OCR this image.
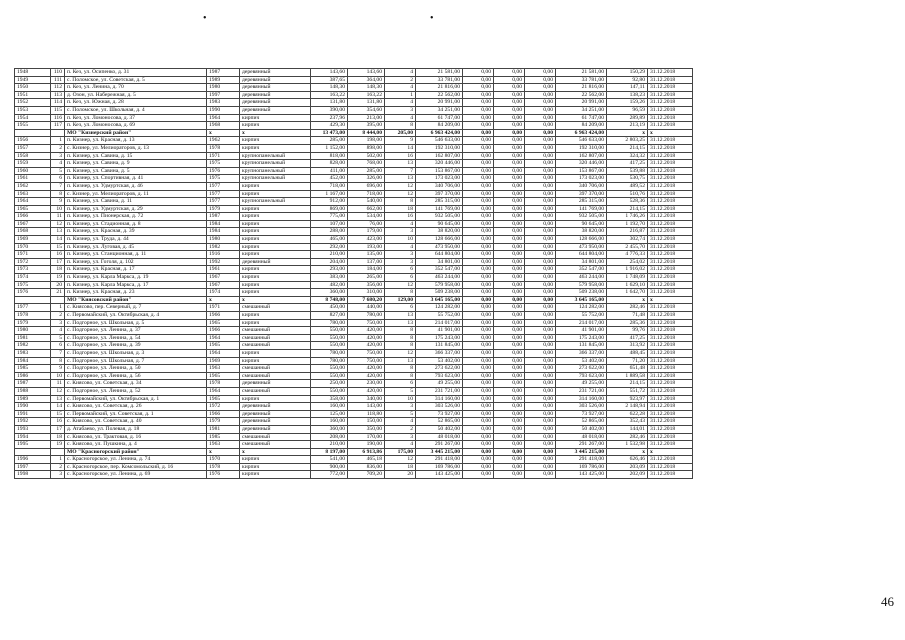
•	•
1948	110	п. Кез, ул. Осипенко, д. 31	1987	деревянный	143,60	143,60	4	21 581,00	0,00	0,00	0,00	21 581,00	150,29	31.12.2018
1949	111	с. Поломское, ул. Советская, д. 5	1989	деревянный	387,65	364,00	2	33 781,00	0,00	0,00	0,00	33 781,00	92,80	31.12.2018
1950	112	п. Кез, ул. Ленина, д. 70	1980	деревянный	148,30	148,30	4	21 816,00	0,00	0,00	0,00	21 816,00	147,11	31.12.2018
1951	113	д. Озон, ул. Набережная, д. 5	1997	деревянный	163,22	163,22	1	22 562,00	0,00	0,00	0,00	22 562,00	138,23	31.12.2018
1952	114	п. Кез, ул. Южная, д. 28	1983	деревянный	131,80	131,80	4	20 991,00	0,00	0,00	0,00	20 991,00	159,26	31.12.2018
1953	115	с. Поломское, ул. Школьная, д. 4	1990	деревянный	390,00	354,60	3	34 251,00	0,00	0,00	0,00	34 251,00	96,59	31.12.2018
1954	116	п. Кез, ул. Ломоносова, д. 37	1964	кирпич	237,96	213,00	4	61 747,00	0,00	0,00	0,00	61 747,00	289,89	31.12.2018
1955	117	п. Кез, ул. Ломоносова, д. 69	1968	кирпич	429,30	395,00	8	84 209,00	0,00	0,00	0,00	84 209,00	213,19	31.12.2018
		МО "Кизнерский район"	х	х	13 473,00	8 444,00	205,00	6 963 424,00	0,00	0,00	0,00	6 963 424,00	х	х
1956	1	п. Кизнер, ул. Красная, д. 13	1962	кирпич	285,00	198,00	9	546 633,00	0,00	0,00	0,00	546 633,00	2 803,25	31.12.2018
1957	2	с. Кизнер, ул. Мелиораторов, д. 13	1978	кирпич	1 152,00	898,00	14	192 310,00	0,00	0,00	0,00	192 310,00	214,15	31.12.2018
1958	3	п. Кизнер, ул. Савина, д. 15	1971	крупнопанельный	818,00	502,00	16	162 807,00	0,00	0,00	0,00	162 807,00	324,32	31.12.2018
1959	4	п. Кизнер, ул. Савина, д. 9	1975	крупнопанельный	828,00	768,00	13	320 446,00	0,00	0,00	0,00	320 446,00	417,25	31.12.2018
1960	5	п. Кизнер, ул. Савина, д. 5	1976	крупнопанельный	411,00	285,00	7	153 867,00	0,00	0,00	0,00	153 867,00	539,88	31.12.2018
1961	6	п. Кизнер, ул. Спортивная, д. 41	1975	крупнопанельный	452,00	326,00	13	173 023,00	0,00	0,00	0,00	173 023,00	530,75	31.12.2018
1962	7	п. Кизнер, ул. Удмуртская, д. 46	1977	кирпич	718,00	696,00	12	340 706,00	0,00	0,00	0,00	340 706,00	489,52	31.12.2018
1963	8	с. Кизнер, ул. Мелиораторов, д. 11	1977	кирпич	1 167,00	718,00	12	397 370,00	0,00	0,00	0,00	397 370,00	510,76	31.12.2018
1964	9	п. Кизнер, ул. Савина, д. 11	1977	крупнопанельный	912,00	540,00	8	285 315,00	0,00	0,00	0,00	285 315,00	528,36	31.12.2018
1965	10	п. Кизнер, ул. Удмуртская, д. 29	1979	кирпич	869,00	662,00	18	141 769,00	0,00	0,00	0,00	141 769,00	214,15	31.12.2018
1966	11	п. Кизнер, ул. Пионерская, д. 72	1987	кирпич	775,00	534,00	16	932 505,00	0,00	0,00	0,00	932 505,00	1 746,26	31.12.2018
1967	12	п. Кизнер, ул. Стадионная, д. 8	1984	кирпич	107,00	76,00	4	90 645,00	0,00	0,00	0,00	90 645,00	1 192,70	31.12.2018
1968	13	п. Кизнер, ул. Красная, д. 39	1984	кирпич	288,00	179,00	3	38 820,00	0,00	0,00	0,00	38 820,00	216,87	31.12.2018
1969	14	п. Кизнер, ул. Труда, д. 44	1980	кирпич	465,00	423,00	10	128 666,00	0,00	0,00	0,00	128 666,00	302,74	31.12.2018
1970	15	п. Кизнер, ул. Луговая, д. 45	1982	кирпич	292,00	193,00	4	473 950,00	0,00	0,00	0,00	473 950,00	2 455,70	31.12.2018
1971	16	п. Кизнер, ул. Станционная, д. 11	1916	кирпич	210,00	135,00	3	644 804,00	0,00	0,00	0,00	644 804,00	4 776,33	31.12.2018
1972	17	п. Кизнер, ул. Гоголя, д. 102	1992	деревянный	204,00	137,00	3	34 801,00	0,00	0,00	0,00	34 801,00	254,02	31.12.2018
1973	18	п. Кизнер, ул. Красная, д. 17	1961	кирпич	293,00	184,00	6	352 547,00	0,00	0,00	0,00	352 547,00	1 916,02	31.12.2018
1974	19	п. Кизнер, ул. Карла Маркса, д. 19	1967	кирпич	383,00	265,00	6	463 244,00	0,00	0,00	0,00	463 244,00	1 748,09	31.12.2018
1975	20	п. Кизнер, ул. Карла Маркса, д. 17	1967	кирпич	482,00	356,00	12	579 958,00	0,00	0,00	0,00	579 958,00	1 629,10	31.12.2018
1976	21	п. Кизнер, ул. Красная, д. 23	1974	кирпич	360,00	310,00	8	509 238,00	0,00	0,00	0,00	509 238,00	1 642,70	31.12.2018
		МО "Киясовский район"	х	х	8 748,00	7 680,20	129,00	3 645 165,00	0,00	0,00	0,00	3 645 165,00	х	х
1977	1	с. Киясово, пер. Северный, д. 7	1971	смешанный	450,00	440,00	6	124 282,00	0,00	0,00	0,00	124 282,00	282,46	31.12.2018
1978	2	с. Первомайский, ул. Октябрьская, д. 4	1966	кирпич	827,00	780,00	13	55 752,00	0,00	0,00	0,00	55 752,00	71,48	31.12.2018
1979	3	с. Подгорное, ул. Школьная, д. 5	1965	кирпич	780,00	750,00	13	214 017,00	0,00	0,00	0,00	214 017,00	285,36	31.12.2018
1980	4	с. Подгорное, ул. Ленина, д. 37	1966	смешанный	550,00	420,00	8	41 901,00	0,00	0,00	0,00	41 901,00	99,76	31.12.2018
1981	5	с. Подгорное, ул. Ленина, д. 54	1964	смешанный	550,00	420,00	8	175 243,00	0,00	0,00	0,00	175 243,00	417,25	31.12.2018
1982	6	с. Подгорное, ул. Ленина, д. 39	1965	смешанный	550,00	420,00	8	131 845,00	0,00	0,00	0,00	131 845,00	313,92	31.12.2018
1983	7	с. Подгорное, ул. Школьная, д. 3	1964	кирпич	780,00	750,00	12	366 337,00	0,00	0,00	0,00	366 337,00	488,45	31.12.2018
1984	8	с. Подгорное, ул. Школьная, д. 7	1969	кирпич	780,00	750,00	13	53 402,00	0,00	0,00	0,00	53 402,00	71,20	31.12.2018
1985	9	с. Подгорное, ул. Ленина, д. 50	1963	смешанный	550,00	420,00	8	273 622,00	0,00	0,00	0,00	273 622,00	651,48	31.12.2018
1986	10	с. Подгорное, ул. Ленина, д. 56	1965	смешанный	550,00	420,00	8	793 623,00	0,00	0,00	0,00	793 623,00	1 889,58	31.12.2018
1987	11	с. Киясово, ул. Советская, д. 34	1978	деревянный	250,00	230,00	6	49 255,00	0,00	0,00	0,00	49 255,00	214,15	31.12.2018
1988	12	с. Подгорное, ул. Ленина, д. 52	1964	смешанный	550,00	420,00	5	231 721,00	0,00	0,00	0,00	231 721,00	551,72	31.12.2018
1989	13	с. Первомайский, ул. Октябрьская, д. 1	1965	кирпич	358,00	340,00	10	314 160,00	0,00	0,00	0,00	314 160,00	923,97	31.12.2018
1990	14	с. Киясово, ул. Советская, д. 26	1972	деревянный	160,00	143,00	3	303 526,00	0,00	0,00	0,00	303 526,00	2 148,94	31.12.2018
1991	15	с. Первомайский, ул. Советская, д. 1	1966	деревянный	125,00	118,80	5	73 927,00	0,00	0,00	0,00	73 927,00	622,28	31.12.2018
1992	16	с. Киясово, ул. Советская, д. 40	1979	деревянный	160,00	150,00	4	52 865,00	0,00	0,00	0,00	52 865,00	352,43	31.12.2018
1993	17	д. Атабаево, ул. Полевая, д. 18	1981	деревянный	360,00	350,00	2	50 402,00	0,00	0,00	0,00	50 402,00	144,01	31.12.2018
1994	18	с. Киясово, ул. Трактовая, д. 16	1985	смешанный	208,00	170,00	3	48 018,00	0,00	0,00	0,00	48 018,00	282,46	31.12.2018
1995	19	с. Киясово, ул. Пушкина, д. 4	1963	смешанный	210,00	190,00	4	291 267,00	0,00	0,00	0,00	291 267,00	1 532,98	31.12.2018
		МО "Красногорский район"	х	х	8 197,00	6 913,86	175,00	3 445 215,00	0,00	0,00	0,00	3 445 215,00	х	х
1996	1	с. Красногорское, ул. Ленина, д. 74	1970	кирпич	541,00	465,18	12	291 418,00	0,00	0,00	0,00	291 418,00	626,46	31.12.2018
1997	2	с. Красногорское, пер. Комсомольский, д. 16	1978	кирпич	900,00	836,00	18	169 786,00	0,00	0,00	0,00	169 786,00	203,09	31.12.2018
1998	3	с. Красногорское, ул. Ленина, д. 69	1976	кирпич	772,00	709,20	20	143 425,00	0,00	0,00	0,00	143 425,00	202,09	31.12.2018
46
